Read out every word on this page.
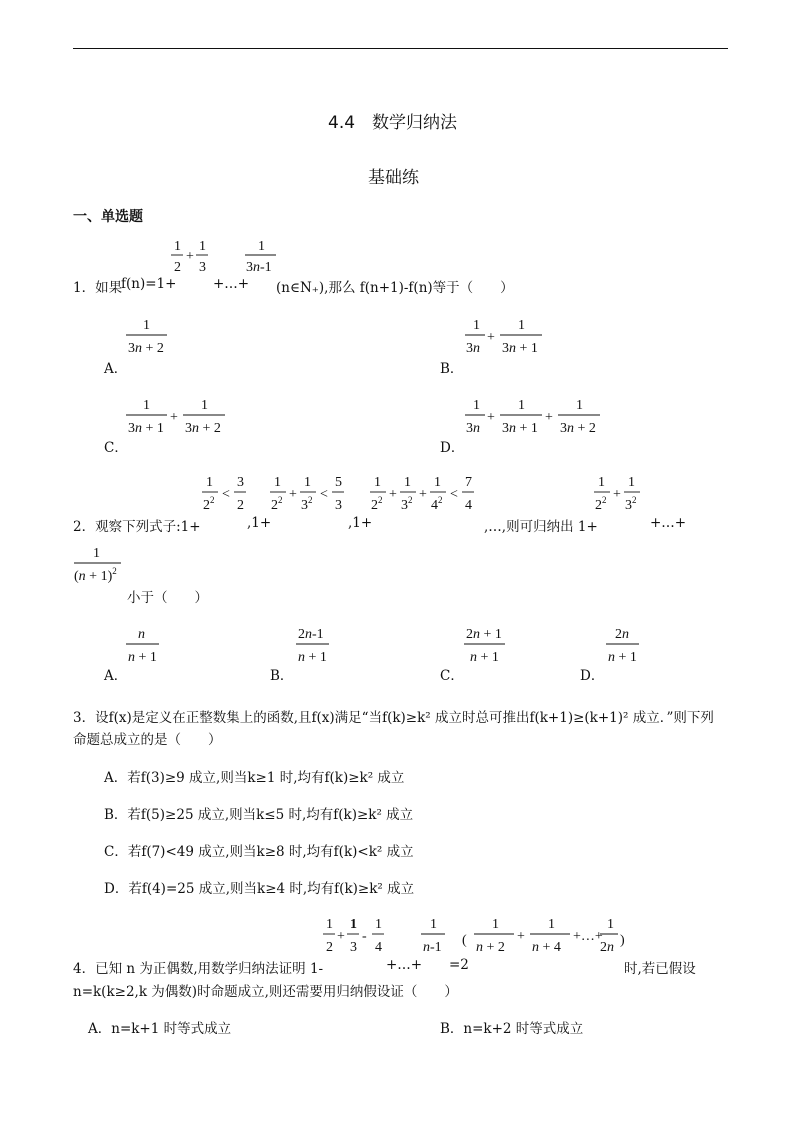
4.4　数学归纳法
基础练
一、单选题
1
2
+
1
3
1
3n-1
1．如果
f(n)=1+	+…+ (n∈N₊),那么 f(n+1)-f(n)等于（　　）
1
3n + 2
A．
1
3n
+
1
3n + 1
B．
1
3n + 1
+
1
3n + 2
C．
1
3n
+
1
3n + 1
+
1
3n + 2
D．
1
$2^2$ <
3
2
1
$2^2$ +
1
$3^2$ <
5
3
1
$2^2$ +
1
$3^2$ +
1
$4^2$ <
7
4
1
$2^2$ +
1
$3^2$
2．观察下列式子:1+	,1+	,1+	,…,则可归纳出 1+	+…+
1
$(n + 1)^2$
小于（　　）
n
n + 1
A．
2n-1
n + 1
B．
2n + 1
n + 1
C．
2n
n + 1
D．
3．设f(x)是定义在正整数集上的函数,且f(x)满足“当f(k)≥k² 成立时总可推出f(k+1)≥(k+1)² 成立．”则下列
命题总成立的是（　　）
A．若f(3)≥9 成立,则当k≥1 时,均有f(k)≥k² 成立
B．若f(5)≥25 成立,则当k≤5 时,均有f(k)≥k² 成立
C．若f(7)<49 成立,则当k≥8 时,均有f(k)<k² 成立
D．若f(4)=25 成立,则当k≥4 时,均有f(k)≥k² 成立
1
2
+
1
3
-
1
4
1
n-1 (
1
n + 2
+
1
n + 4
+…+
1
2n )
4．已知 n 为正偶数,用数学归纳法证明 1-	+…+ =2	时,若已假设
n=k(k≥2,k 为偶数)时命题成立,则还需要用归纳假设证（　　）
A．n=k+1 时等式成立	B．n=k+2 时等式成立
